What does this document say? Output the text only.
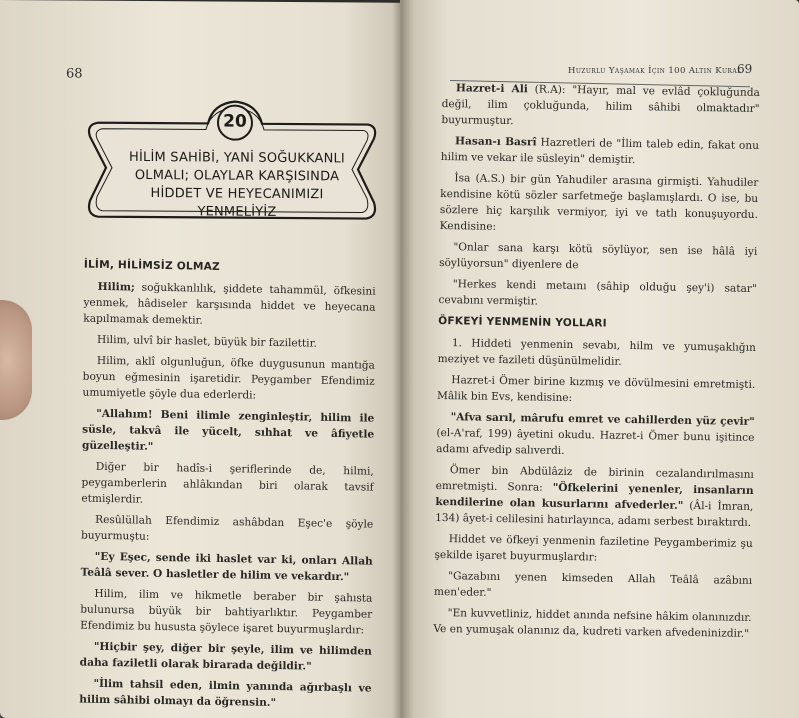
68
20
HİLİM SAHİBİ, YANİ SOĞUKKANLI
OLMALI; OLAYLAR KARŞISINDA
HİDDET VE HEYECANIMIZI
YENMELİYİZ
İLİM, HİLİMSİZ OLMAZ

Hilim; soğukkanlılık, şiddete tahammül, öfkesini yenmek, hâdiseler karşısında hiddet ve heyecana kapılmamak demektir.

Hilim, ulvî bir haslet, büyük bir fazilettir.

Hilim, aklî olgunluğun, öfke duygusunun mantığa boyun eğmesinin işaretidir. Peygamber Efendimiz umumiyetle şöyle dua ederlerdi:

"Allahım! Beni ilimle zenginleştir, hilim ile süsle, takvâ ile yücelt, sıhhat ve âfiyetle güzelleştir."

Diğer bir hadîs-i şeriflerinde de, hilmi, peygamberlerin ahlâkından biri olarak tavsif etmişlerdir.

Resûlüllah Efendimiz ashâbdan Eşec'e şöyle buyurmuştu:

"Ey Eşec, sende iki haslet var ki, onları Allah Teâlâ sever. O hasletler de hilim ve vekardır."

Hilim, ilim ve hikmetle beraber bir şahısta bulunursa büyük bir bahtiyarlıktır. Peygamber Efendimiz bu hususta şöylece işaret buyurmuşlardır:

"Hiçbir şey, diğer bir şeyle, ilim ve hilimden daha faziletli olarak birarada değildir."

"İlim tahsil eden, ilmin yanında ağırbaşlı ve hilim sâhibi olmayı da öğrensin."

Huzurlu Yaşamak İçin 100 Altın Kural
69

Hazret-i Ali (R.A): "Hayır, mal ve evlâd çokluğunda değil, ilim çokluğunda, hilim sâhibi olmaktadır" buyurmuştur.

Hasan-ı Basrî Hazretleri de "İlim taleb edin, fakat onu hilim ve vekar ile süsleyin" demiştir.

İsa (A.S.) bir gün Yahudiler arasına girmişti. Yahudiler kendisine kötü sözler sarfetmeğe başlamışlardı. O ise, bu sözlere hiç karşılık vermiyor, iyi ve tatlı konuşuyordu. Kendisine:

"Onlar sana karşı kötü söylüyor, sen ise hâlâ iyi söylüyorsun" diyenlere de

"Herkes kendi metaını (sâhip olduğu şey'i) satar" cevabını vermiştir.

ÖFKEYİ YENMENİN YOLLARI

1. Hiddeti yenmenin sevabı, hilm ve yumuşaklığın meziyet ve fazileti düşünülmelidir.

Hazret-i Ömer birine kızmış ve dövülmesini emretmişti. Mâlik bin Evs, kendisine:

"Afva sarıl, mârufu emret ve cahillerden yüz çevir" (el-A'raf, 199) âyetini okudu. Hazret-i Ömer bunu işitince adamı afvedip salıverdi.

Ömer bin Abdülâziz de birinin cezalandırılmasını emretmişti. Sonra: "Öfkelerini yenenler, insanların kendilerine olan kusurlarını afvederler." (Âl-i İmran, 134) âyet-i celilesini hatırlayınca, adamı serbest bıraktırdı.

Hiddet ve öfkeyi yenmenin faziletine Peygamberimiz şu şekilde işaret buyurmuşlardır:

"Gazabını yenen kimseden Allah Teâlâ azâbını men'eder."

"En kuvvetliniz, hiddet anında nefsine hâkim olanınızdır. Ve en yumuşak olanınız da, kudreti varken afvedeninizdir."
